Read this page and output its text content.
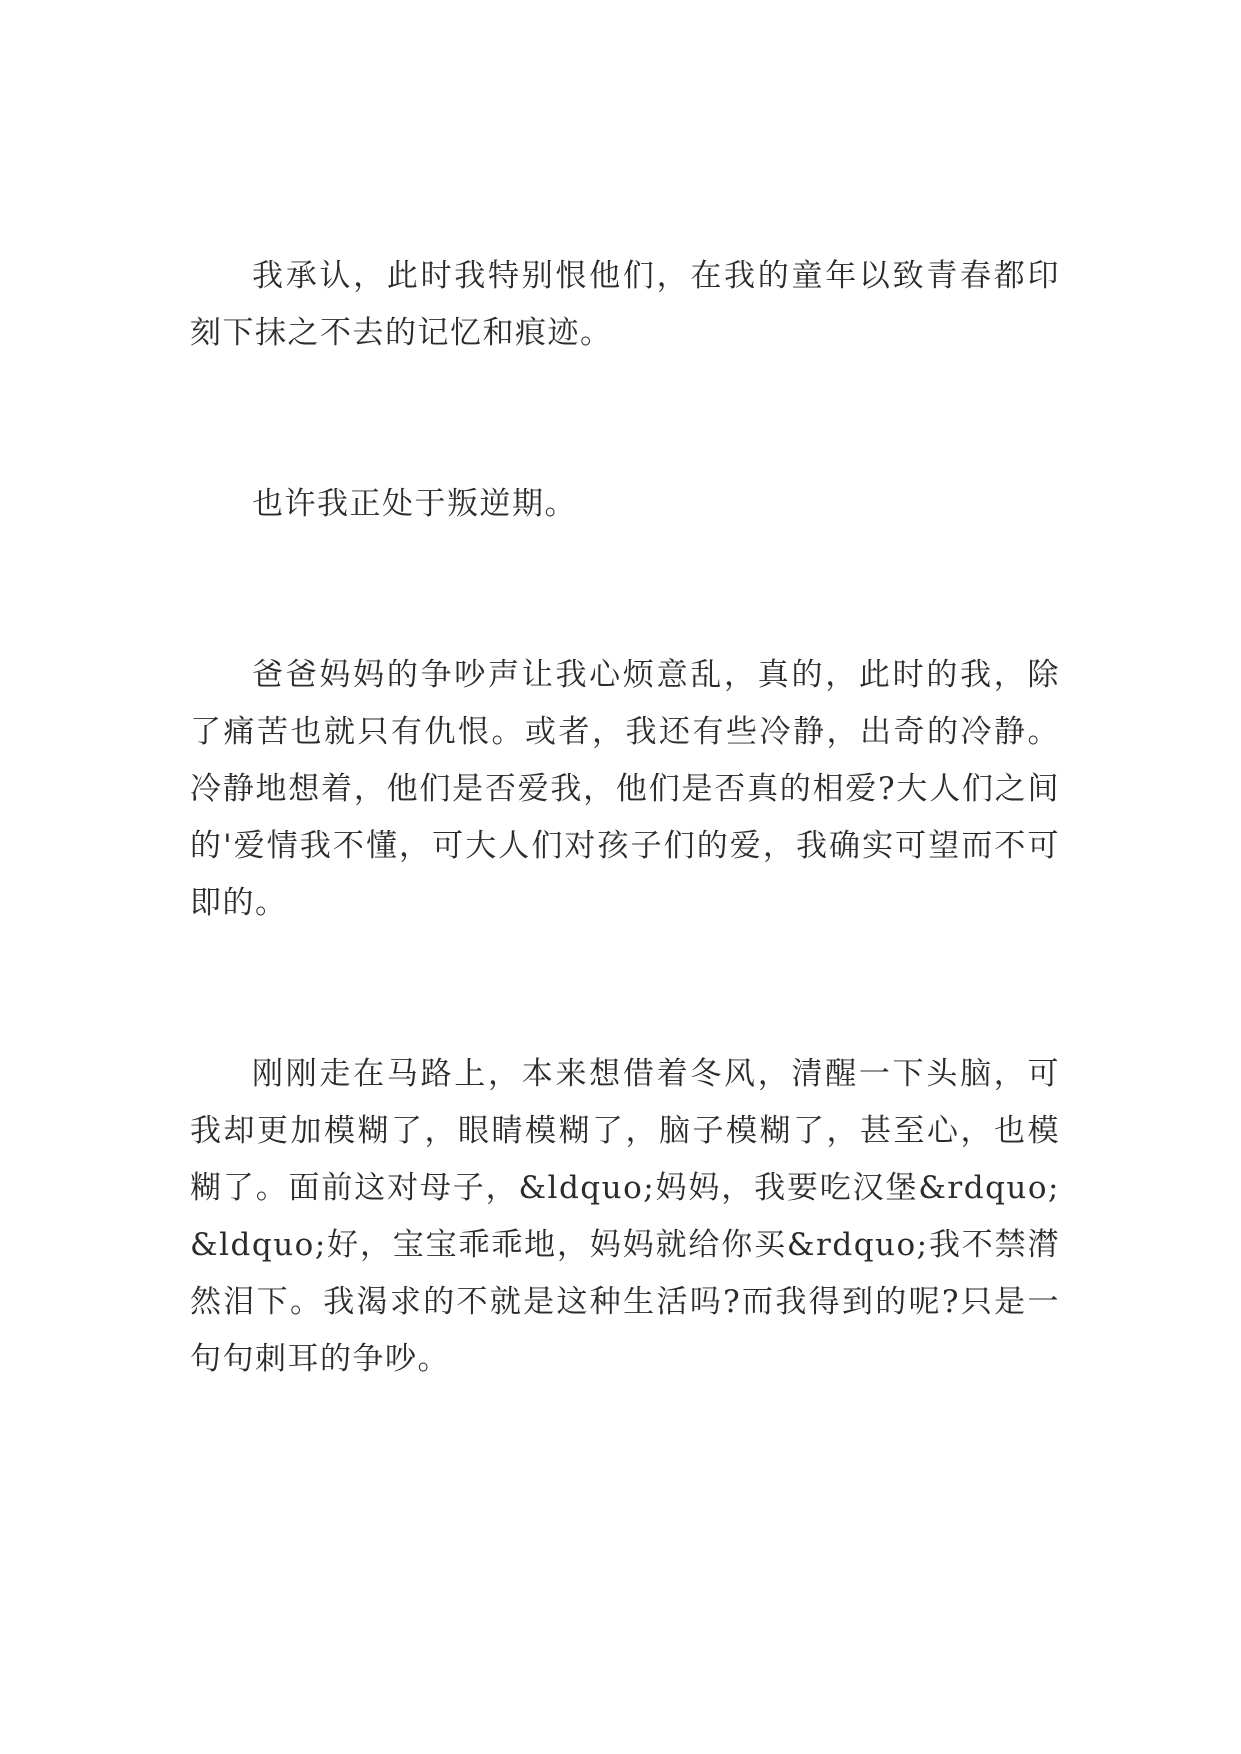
我承认，此时我特别恨他们，在我的童年以致青春都印刻下抹之不去的记忆和痕迹。

也许我正处于叛逆期。

爸爸妈妈的争吵声让我心烦意乱，真的，此时的我，除了痛苦也就只有仇恨。或者，我还有些冷静，出奇的冷静。冷静地想着，他们是否爱我，他们是否真的相爱?大人们之间的'爱情我不懂，可大人们对孩子们的爱，我确实可望而不可即的。

刚刚走在马路上，本来想借着冬风，清醒一下头脑，可我却更加模糊了，眼睛模糊了，脑子模糊了，甚至心，也模糊了。面前这对母子，&ldquo;妈妈，我要吃汉堡&rdquo;&ldquo;好，宝宝乖乖地，妈妈就给你买&rdquo;我不禁潸然泪下。我渴求的不就是这种生活吗?而我得到的呢?只是一句句刺耳的争吵。
